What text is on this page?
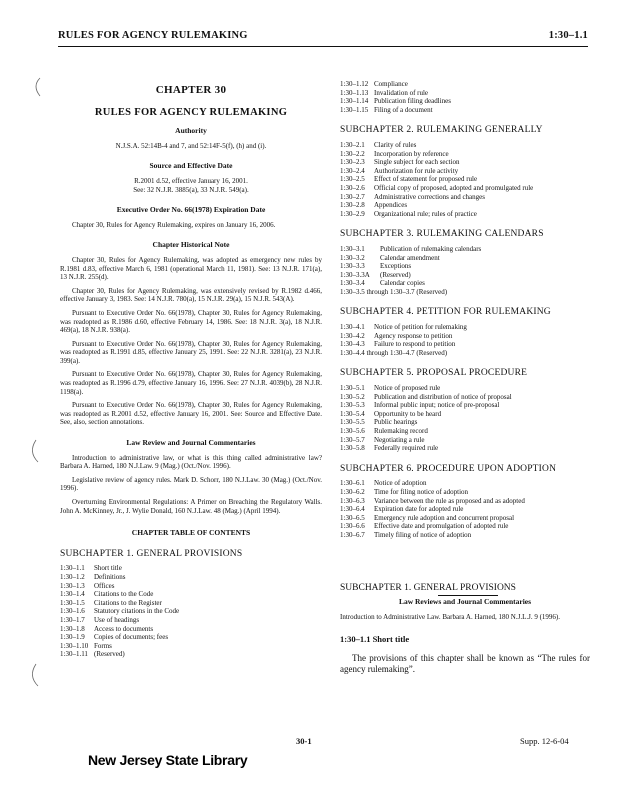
RULES FOR AGENCY RULEMAKING	1:30–1.1
CHAPTER 30
RULES FOR AGENCY RULEMAKING
Authority
N.J.S.A. 52:14B-4 and 7, and 52:14F-5(f), (h) and (i).
Source and Effective Date
R.2001 d.52, effective January 16, 2001.
See: 32 N.J.R. 3885(a), 33 N.J.R. 549(a).
Executive Order No. 66(1978) Expiration Date

Chapter 30, Rules for Agency Rulemaking, expires on January 16, 2006.

Chapter Historical Note

Chapter 30, Rules for Agency Rulemaking, was adopted as emergency new rules by R.1981 d.83, effective March 6, 1981 (operational March 11, 1981). See: 13 N.J.R. 171(a), 13 N.J.R. 255(d).

Chapter 30, Rules for Agency Rulemaking, was extensively revised by R.1982 d.466, effective January 3, 1983. See: 14 N.J.R. 780(a), 15 N.J.R. 29(a), 15 N.J.R. 543(A).

Pursuant to Executive Order No. 66(1978), Chapter 30, Rules for Agency Rulemaking, was readopted as R.1986 d.60, effective February 14, 1986. See: 18 N.J.R. 3(a), 18 N.J.R. 469(a), 18 N.J.R. 938(a).

Pursuant to Executive Order No. 66(1978), Chapter 30, Rules for Agency Rulemaking, was readopted as R.1991 d.85, effective January 25, 1991. See: 22 N.J.R. 3281(a), 23 N.J.R. 399(a).

Pursuant to Executive Order No. 66(1978), Chapter 30, Rules for Agency Rulemaking, was readopted as R.1996 d.79, effective January 16, 1996. See: 27 N.J.R. 4039(b), 28 N.J.R. 1198(a).

Pursuant to Executive Order No. 66(1978), Chapter 30, Rules for Agency Rulemaking, was readopted as R.2001 d.52, effective January 16, 2001. See: Source and Effective Date. See, also, section annotations.

Law Review and Journal Commentaries

Introduction to administrative law, or what is this thing called administrative law? Barbara A. Harned, 180 N.J.Law. 9 (Mag.) (Oct./Nov. 1996).

Legislative review of agency rules. Mark D. Schorr, 180 N.J.Law. 30 (Mag.) (Oct./Nov. 1996).

Overturning Environmental Regulations: A Primer on Breaching the Regulatory Walls. John A. McKinney, Jr., J. Wylie Donald, 160 N.J.Law. 48 (Mag.) (April 1994).

CHAPTER TABLE OF CONTENTS
SUBCHAPTER 1. GENERAL PROVISIONS
1:30–1.1	Short title
1:30–1.2	Definitions
1:30–1.3	Offices
1:30–1.4	Citations to the Code
1:30–1.5	Citations to the Register
1:30–1.6	Statutory citations in the Code
1:30–1.7	Use of headings
1:30–1.8	Access to documents
1:30–1.9	Copies of documents; fees
1:30–1.10 Forms
1:30–1.11 (Reserved)
1:30–1.12 Compliance
1:30–1.13 Invalidation of rule
1:30–1.14 Publication filing deadlines
1:30–1.15 Filing of a document
SUBCHAPTER 2. RULEMAKING GENERALLY
1:30–2.1	Clarity of rules
1:30–2.2	Incorporation by reference
1:30–2.3	Single subject for each section
1:30–2.4	Authorization for rule activity
1:30–2.5	Effect of statement for proposed rule
1:30–2.6	Official copy of proposed, adopted and promulgated rule
1:30–2.7	Administrative corrections and changes
1:30–2.8	Appendices
1:30–2.9	Organizational rule; rules of practice
SUBCHAPTER 3. RULEMAKING CALENDARS
1:30–3.1	Publication of rulemaking calendars
1:30–3.2	Calendar amendment
1:30–3.3	Exceptions
1:30–3.3A	(Reserved)
1:30–3.4	Calendar copies
1:30–3.5 through 1:30–3.7 (Reserved)
SUBCHAPTER 4. PETITION FOR RULEMAKING
1:30–4.1	Notice of petition for rulemaking
1:30–4.2	Agency response to petition
1:30–4.3	Failure to respond to petition
1:30–4.4 through 1:30–4.7 (Reserved)
SUBCHAPTER 5. PROPOSAL PROCEDURE
1:30–5.1	Notice of proposed rule
1:30–5.2	Publication and distribution of notice of proposal
1:30–5.3	Informal public input; notice of pre-proposal
1:30–5.4	Opportunity to be heard
1:30–5.5	Public hearings
1:30–5.6	Rulemaking record
1:30–5.7	Negotiating a rule
1:30–5.8	Federally required rule
SUBCHAPTER 6. PROCEDURE UPON ADOPTION
1:30–6.1	Notice of adoption
1:30–6.2	Time for filing notice of adoption
1:30–6.3	Variance between the rule as proposed and as adopted
1:30–6.4	Expiration date for adopted rule
1:30–6.5	Emergency rule adoption and concurrent proposal
1:30–6.6	Effective date and promulgation of adopted rule
1:30–6.7	Timely filing of notice of adoption
SUBCHAPTER 1. GENERAL PROVISIONS
Law Reviews and Journal Commentaries

Introduction to Administrative Law. Barbara A. Harned, 180 N.J.L.J. 9 (1996).

1:30–1.1 Short title

The provisions of this chapter shall be known as “The rules for agency rulemaking”.

30-1	Supp. 12-6-04
New Jersey State Library
